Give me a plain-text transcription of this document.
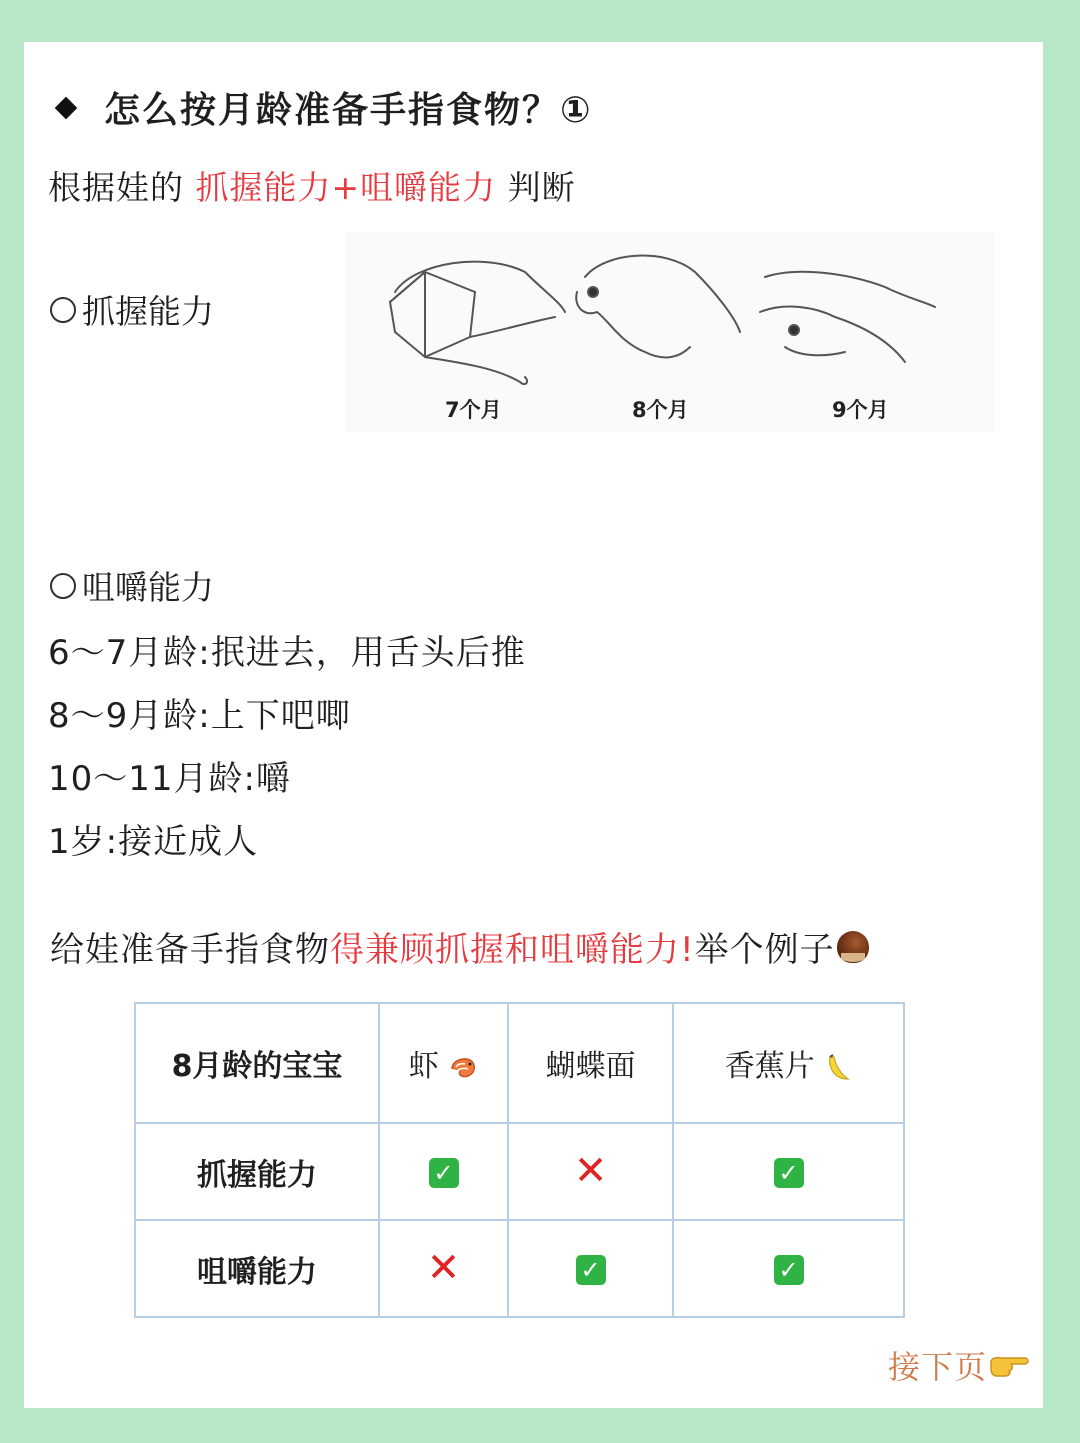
怎么按月龄准备手指食物？①
根据娃的 抓握能力+咀嚼能力 判断
抓握能力
7个月	8个月	9个月
咀嚼能力
6～7月龄:抿进去，用舌头后推
8～9月龄:上下吧唧
10～11月龄:嚼
1岁:接近成人
给娃准备手指食物 得兼顾抓握和咀嚼能力! 举个例子
8月龄的宝宝	虾	蝴蝶面	香蕉片
抓握能力	✓	✕	✓
咀嚼能力	✕	✓	✓
接下页
